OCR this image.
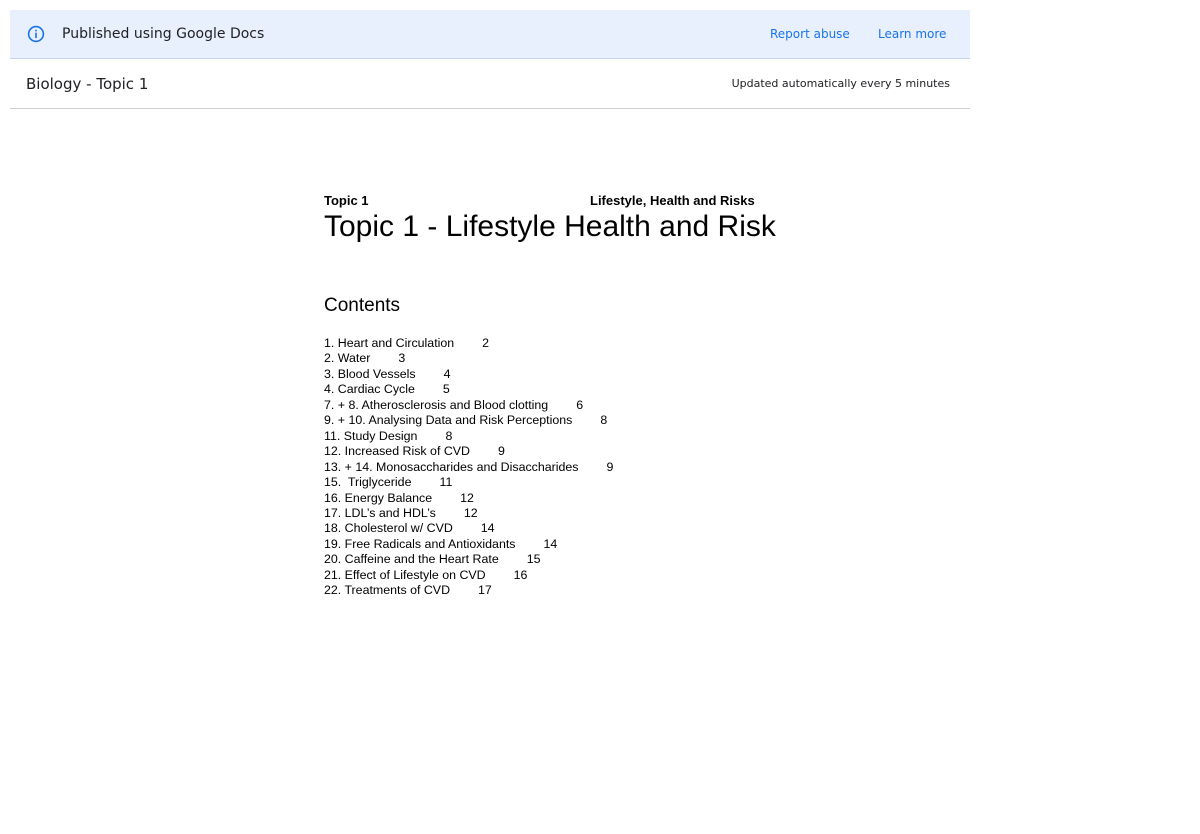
Published using Google Docs	Report abuse Learn more
Biology - Topic 1	Updated automatically every 5 minutes
Topic 1	Lifestyle, Health and Risks
Topic 1 - Lifestyle Health and Risk
Contents
1. Heart and Circulation 2
2. Water 3
3. Blood Vessels 4
4. Cardiac Cycle 5
7. + 8. Atherosclerosis and Blood clotting 6
9. + 10. Analysing Data and Risk Perceptions 8
11. Study Design 8
12. Increased Risk of CVD 9
13. + 14. Monosaccharides and Disaccharides 9
15.  Triglyceride 11
16. Energy Balance 12
17. LDL’s and HDL’s 12
18. Cholesterol w/ CVD 14
19. Free Radicals and Antioxidants 14
20. Caffeine and the Heart Rate 15
21. Effect of Lifestyle on CVD 16
22. Treatments of CVD 17
